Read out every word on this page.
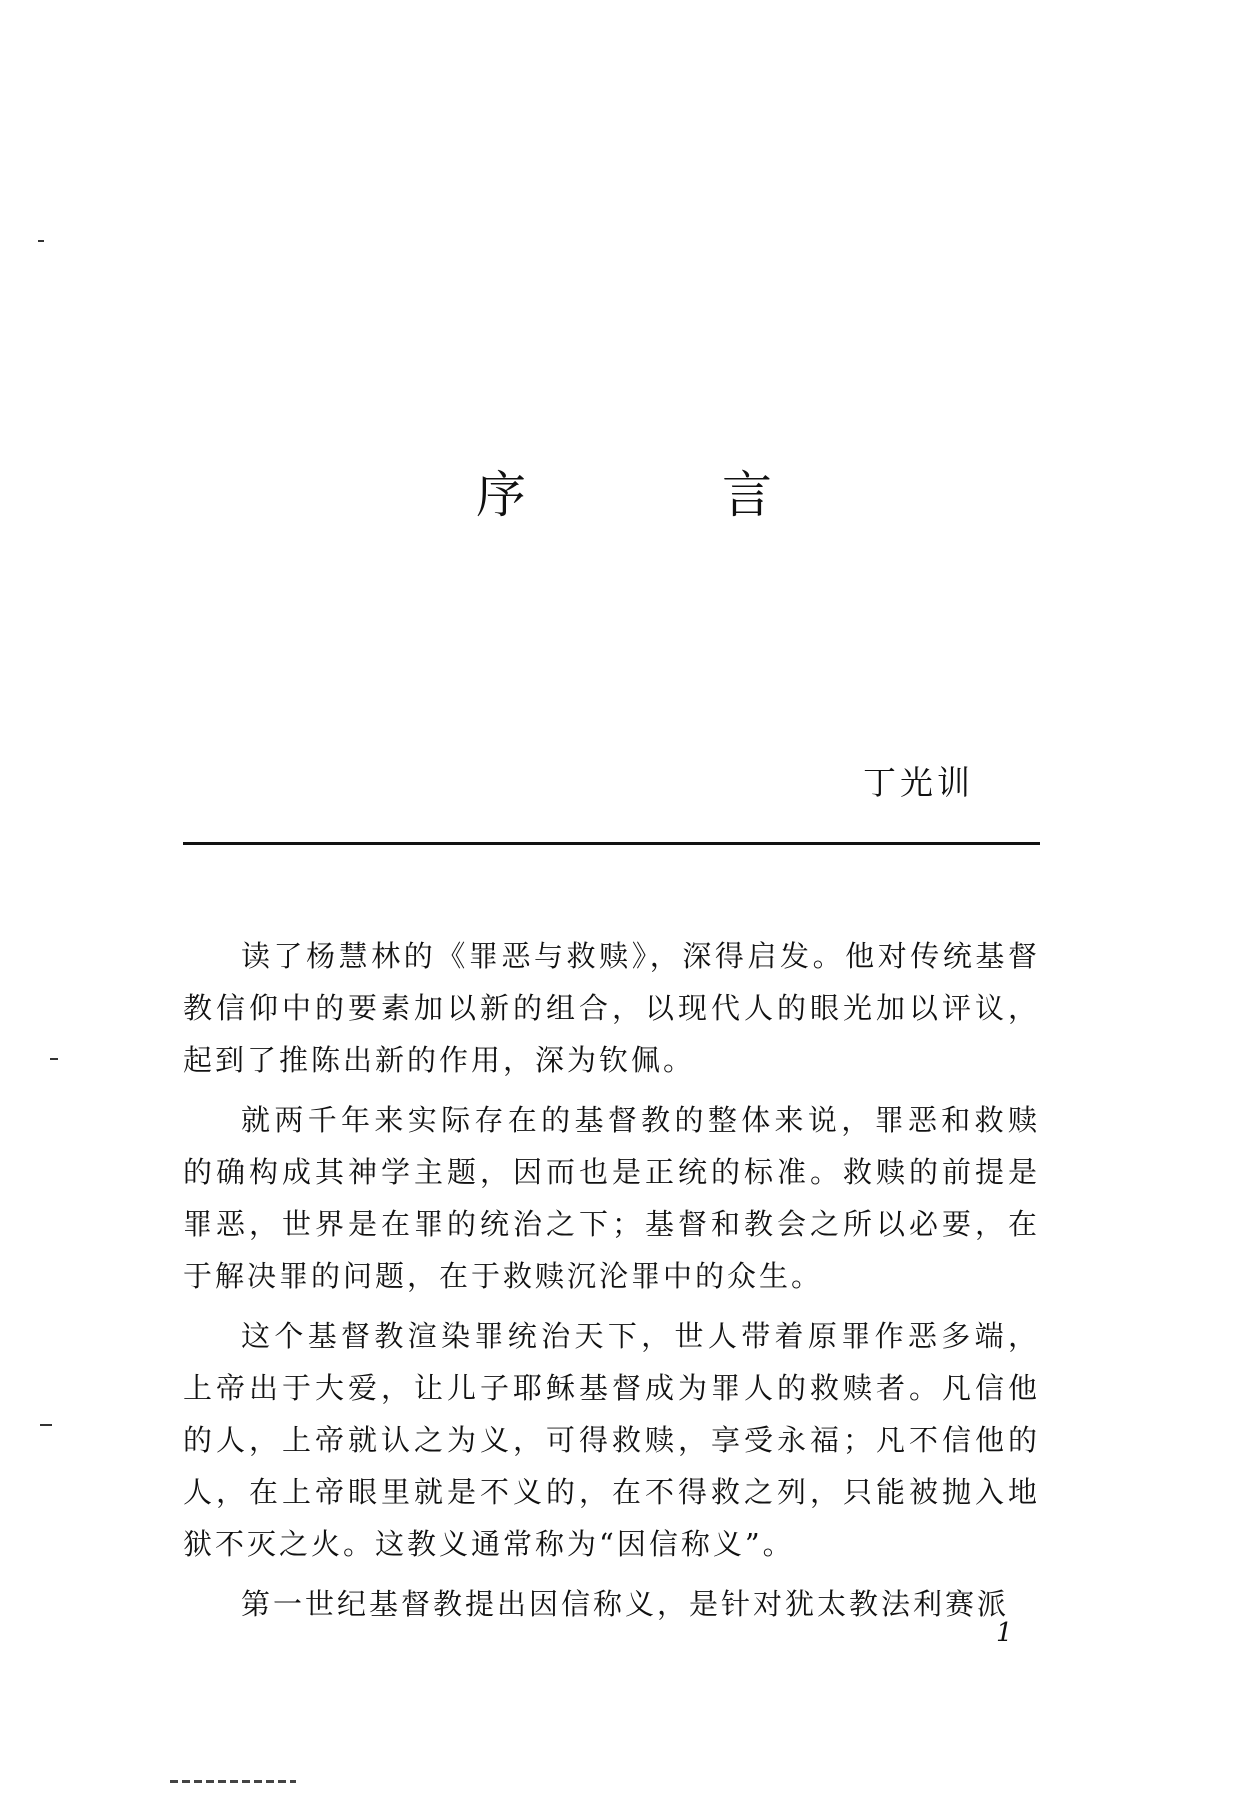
序 言
丁光训

读了杨慧林的《罪恶与救赎》，深得启发。他对传统基督教信仰中的要素加以新的组合，以现代人的眼光加以评议，起到了推陈出新的作用，深为钦佩。

就两千年来实际存在的基督教的整体来说，罪恶和救赎的确构成其神学主题，因而也是正统的标准。救赎的前提是罪恶，世界是在罪的统治之下；基督和教会之所以必要，在于解决罪的问题，在于救赎沉沦罪中的众生。

这个基督教渲染罪统治天下，世人带着原罪作恶多端，上帝出于大爱，让儿子耶稣基督成为罪人的救赎者。凡信他的人，上帝就认之为义，可得救赎，享受永福；凡不信他的人，在上帝眼里就是不义的，在不得救之列，只能被抛入地狱不灭之火。这教义通常称为“因信称义”。

第一世纪基督教提出因信称义，是针对犹太教法利赛派

1
